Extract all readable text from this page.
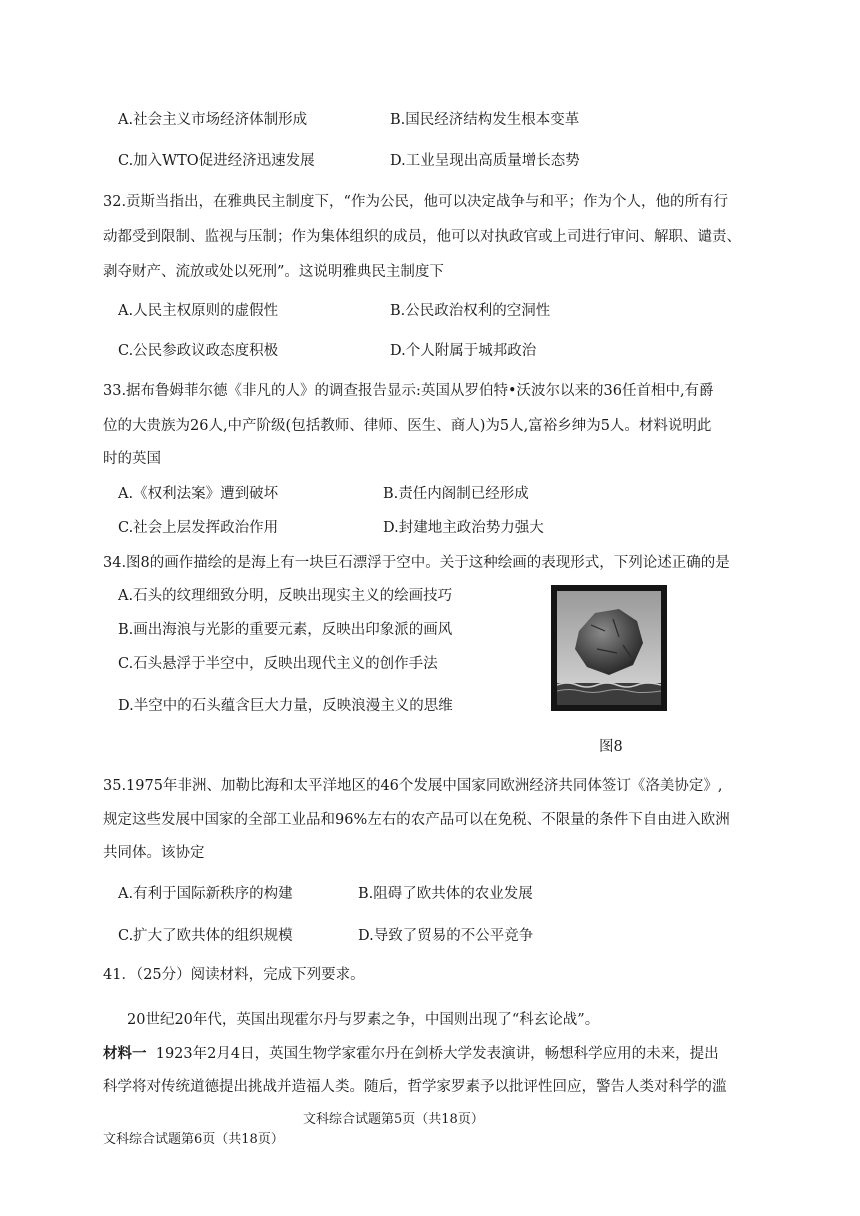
A.社会主义市场经济体制形成	B.国民经济结构发生根本变革
C.加入WTO促进经济迅速发展	D.工业呈现出高质量增长态势
32.贡斯当指出，在雅典民主制度下，“作为公民，他可以决定战争与和平；作为个人，他的所有行
动都受到限制、监视与压制；作为集体组织的成员，他可以对执政官或上司进行审问、解职、谴责、
剥夺财产、流放或处以死刑”。这说明雅典民主制度下
A.人民主权原则的虚假性	B.公民政治权利的空洞性
C.公民参政议政态度积极	D.个人附属于城邦政治
33.据布鲁姆菲尔德《非凡的人》的调查报告显示:英国从罗伯特•沃波尔以来的36任首相中,有爵
位的大贵族为26人,中产阶级(包括教师、律师、医生、商人)为5人,富裕乡绅为5人。材料说明此
时的英国
A.《权利法案》遭到破坏	B.责任内阁制已经形成
C.社会上层发挥政治作用	D.封建地主政治势力强大
34.图8的画作描绘的是海上有一块巨石漂浮于空中。关于这种绘画的表现形式，下列论述正确的是
A.石头的纹理细致分明，反映出现实主义的绘画技巧
B.画出海浪与光影的重要元素，反映出印象派的画风
C.石头悬浮于半空中，反映出现代主义的创作手法
D.半空中的石头蕴含巨大力量，反映浪漫主义的思维
图8
35.1975年非洲、加勒比海和太平洋地区的46个发展中国家同欧洲经济共同体签订《洛美协定》,
规定这些发展中国家的全部工业品和96%左右的农产品可以在免税、不限量的条件下自由进入欧洲
共同体。该协定
A.有利于国际新秩序的构建	B.阻碍了欧共体的农业发展
C.扩大了欧共体的组织规模	D.导致了贸易的不公平竞争
41．（25分）阅读材料，完成下列要求。
20世纪20年代，英国出现霍尔丹与罗素之争，中国则出现了“科玄论战”。
材料一 1923年2月4日，英国生物学家霍尔丹在剑桥大学发表演讲，畅想科学应用的未来，提出
科学将对传统道德提出挑战并造福人类。随后，哲学家罗素予以批评性回应，警告人类对科学的滥
文科综合试题第5页（共18页）
文科综合试题第6页（共18页）
